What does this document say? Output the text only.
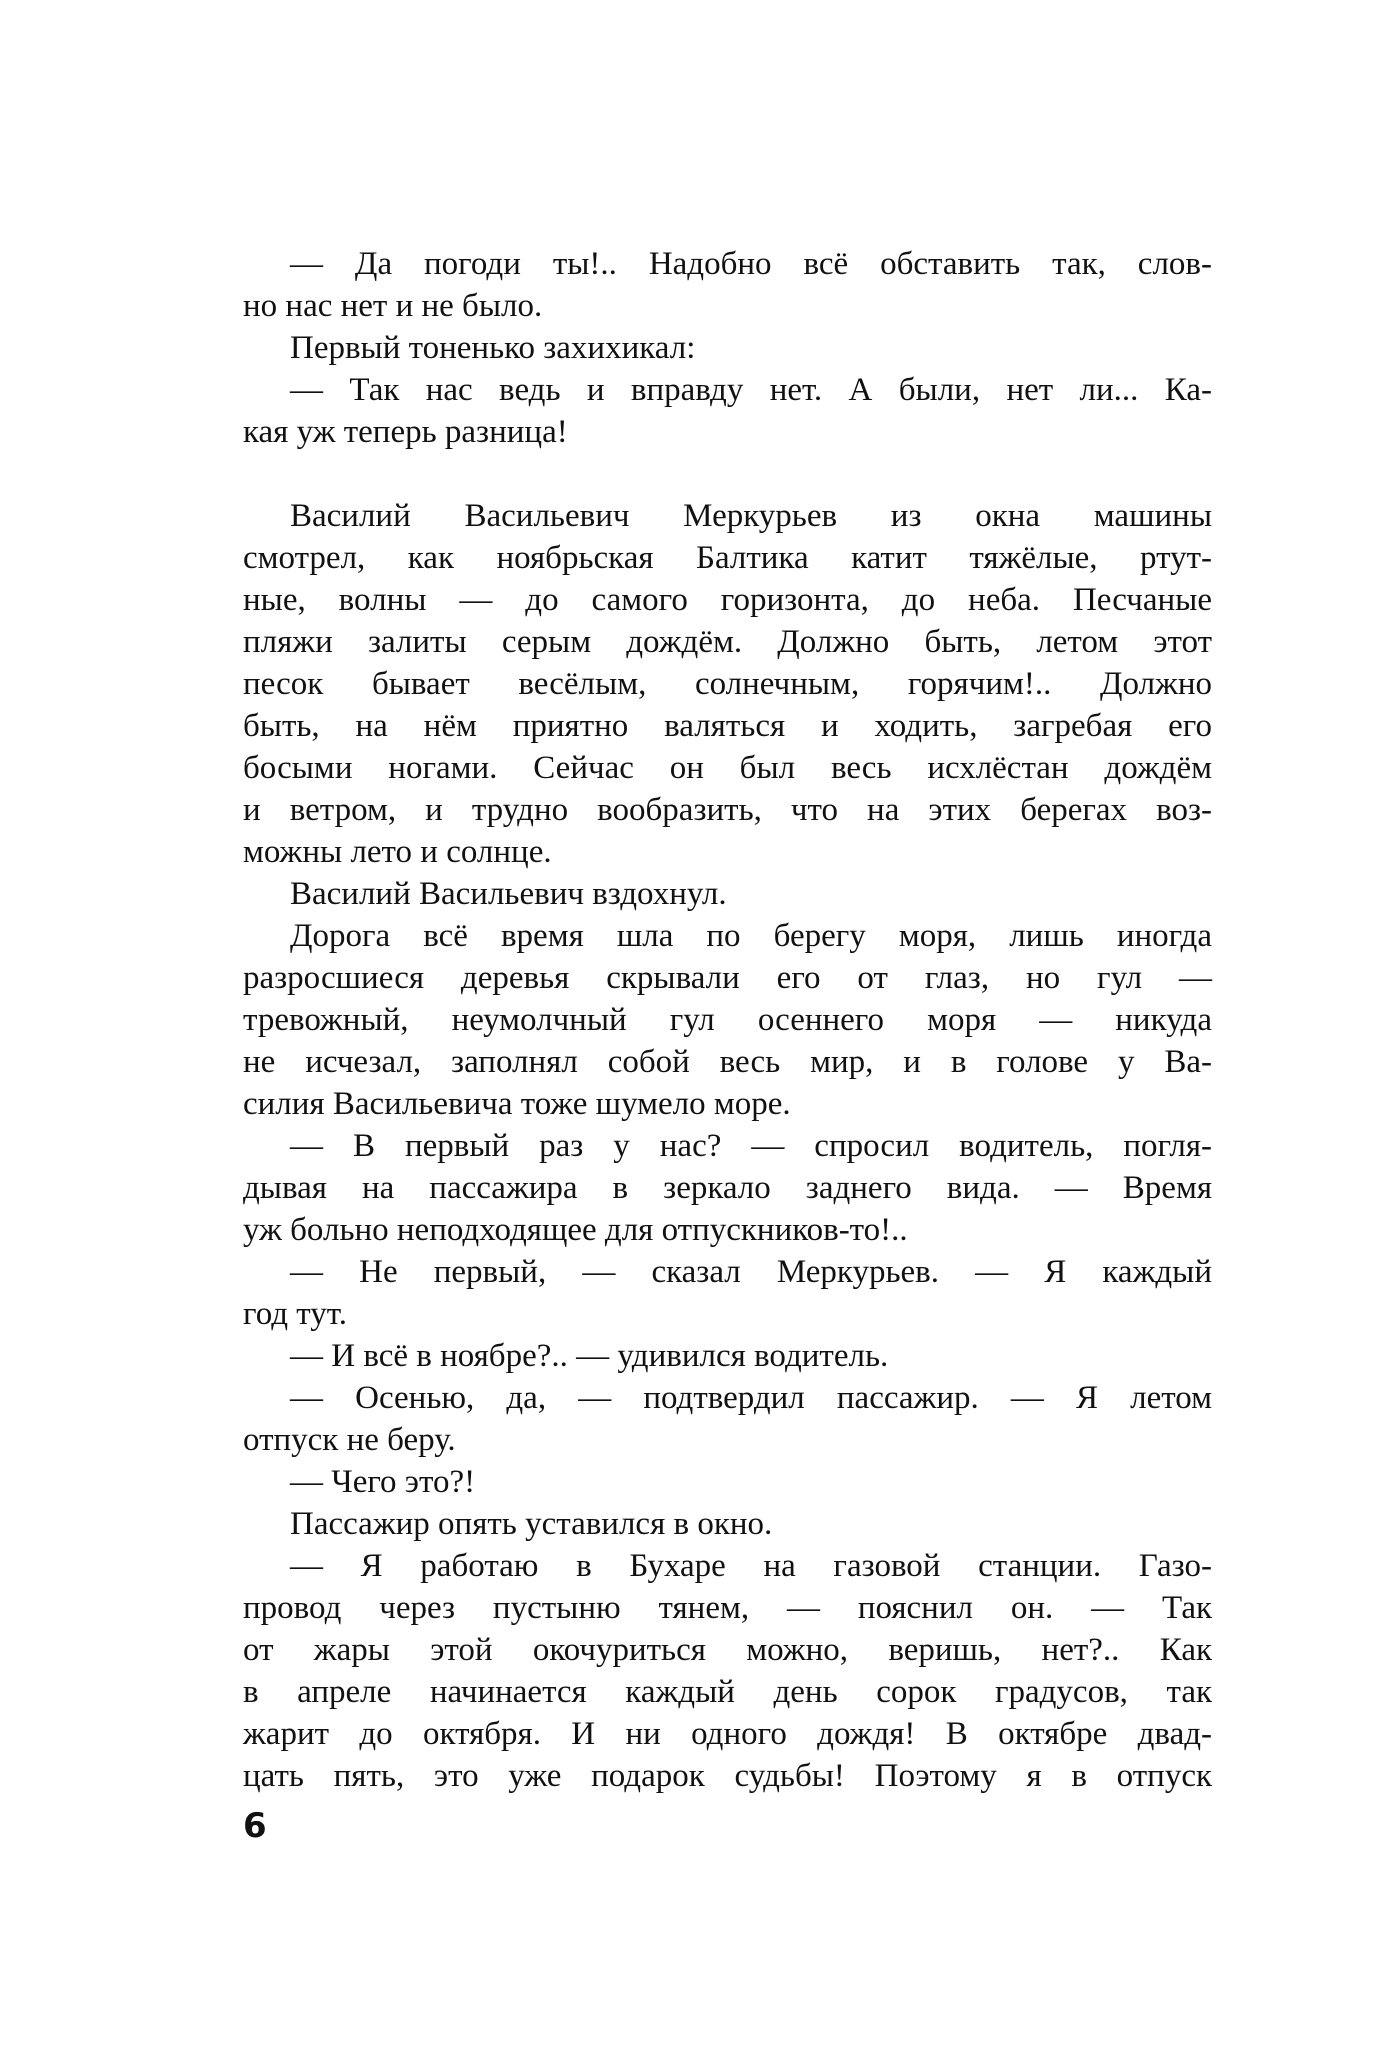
— Да погоди ты!.. Надобно всё обставить так, слов-
но нас нет и не было.
Первый тоненько захихикал:
— Так нас ведь и вправду нет. А были, нет ли... Ка-
кая уж теперь разница!

Василий Васильевич Меркурьев из окна машины
смотрел, как ноябрьская Балтика катит тяжёлые, ртут-
ные, волны — до самого горизонта, до неба. Песчаные
пляжи залиты серым дождём. Должно быть, летом этот
песок бывает весёлым, солнечным, горячим!.. Должно
быть, на нём приятно валяться и ходить, загребая его
босыми ногами. Сейчас он был весь исхлёстан дождём
и ветром, и трудно вообразить, что на этих берегах воз-
можны лето и солнце.
Василий Васильевич вздохнул.
Дорога всё время шла по берегу моря, лишь иногда
разросшиеся деревья скрывали его от глаз, но гул —
тревожный, неумолчный гул осеннего моря — никуда
не исчезал, заполнял собой весь мир, и в голове у Ва-
силия Васильевича тоже шумело море.
— В первый раз у нас? — спросил водитель, погля-
дывая на пассажира в зеркало заднего вида. — Время
уж больно неподходящее для отпускников-то!..
— Не первый, — сказал Меркурьев. — Я каждый
год тут.
— И всё в ноябре?.. — удивился водитель.
— Осенью, да, — подтвердил пассажир. — Я летом
отпуск не беру.
— Чего это?!
Пассажир опять уставился в окно.
— Я работаю в Бухаре на газовой станции. Газо-
провод через пустыню тянем, — пояснил он. — Так
от жары этой окочуриться можно, веришь, нет?.. Как
в апреле начинается каждый день сорок градусов, так
жарит до октября. И ни одного дождя! В октябре двад-
цать пять, это уже подарок судьбы! Поэтому я в отпуск
6
